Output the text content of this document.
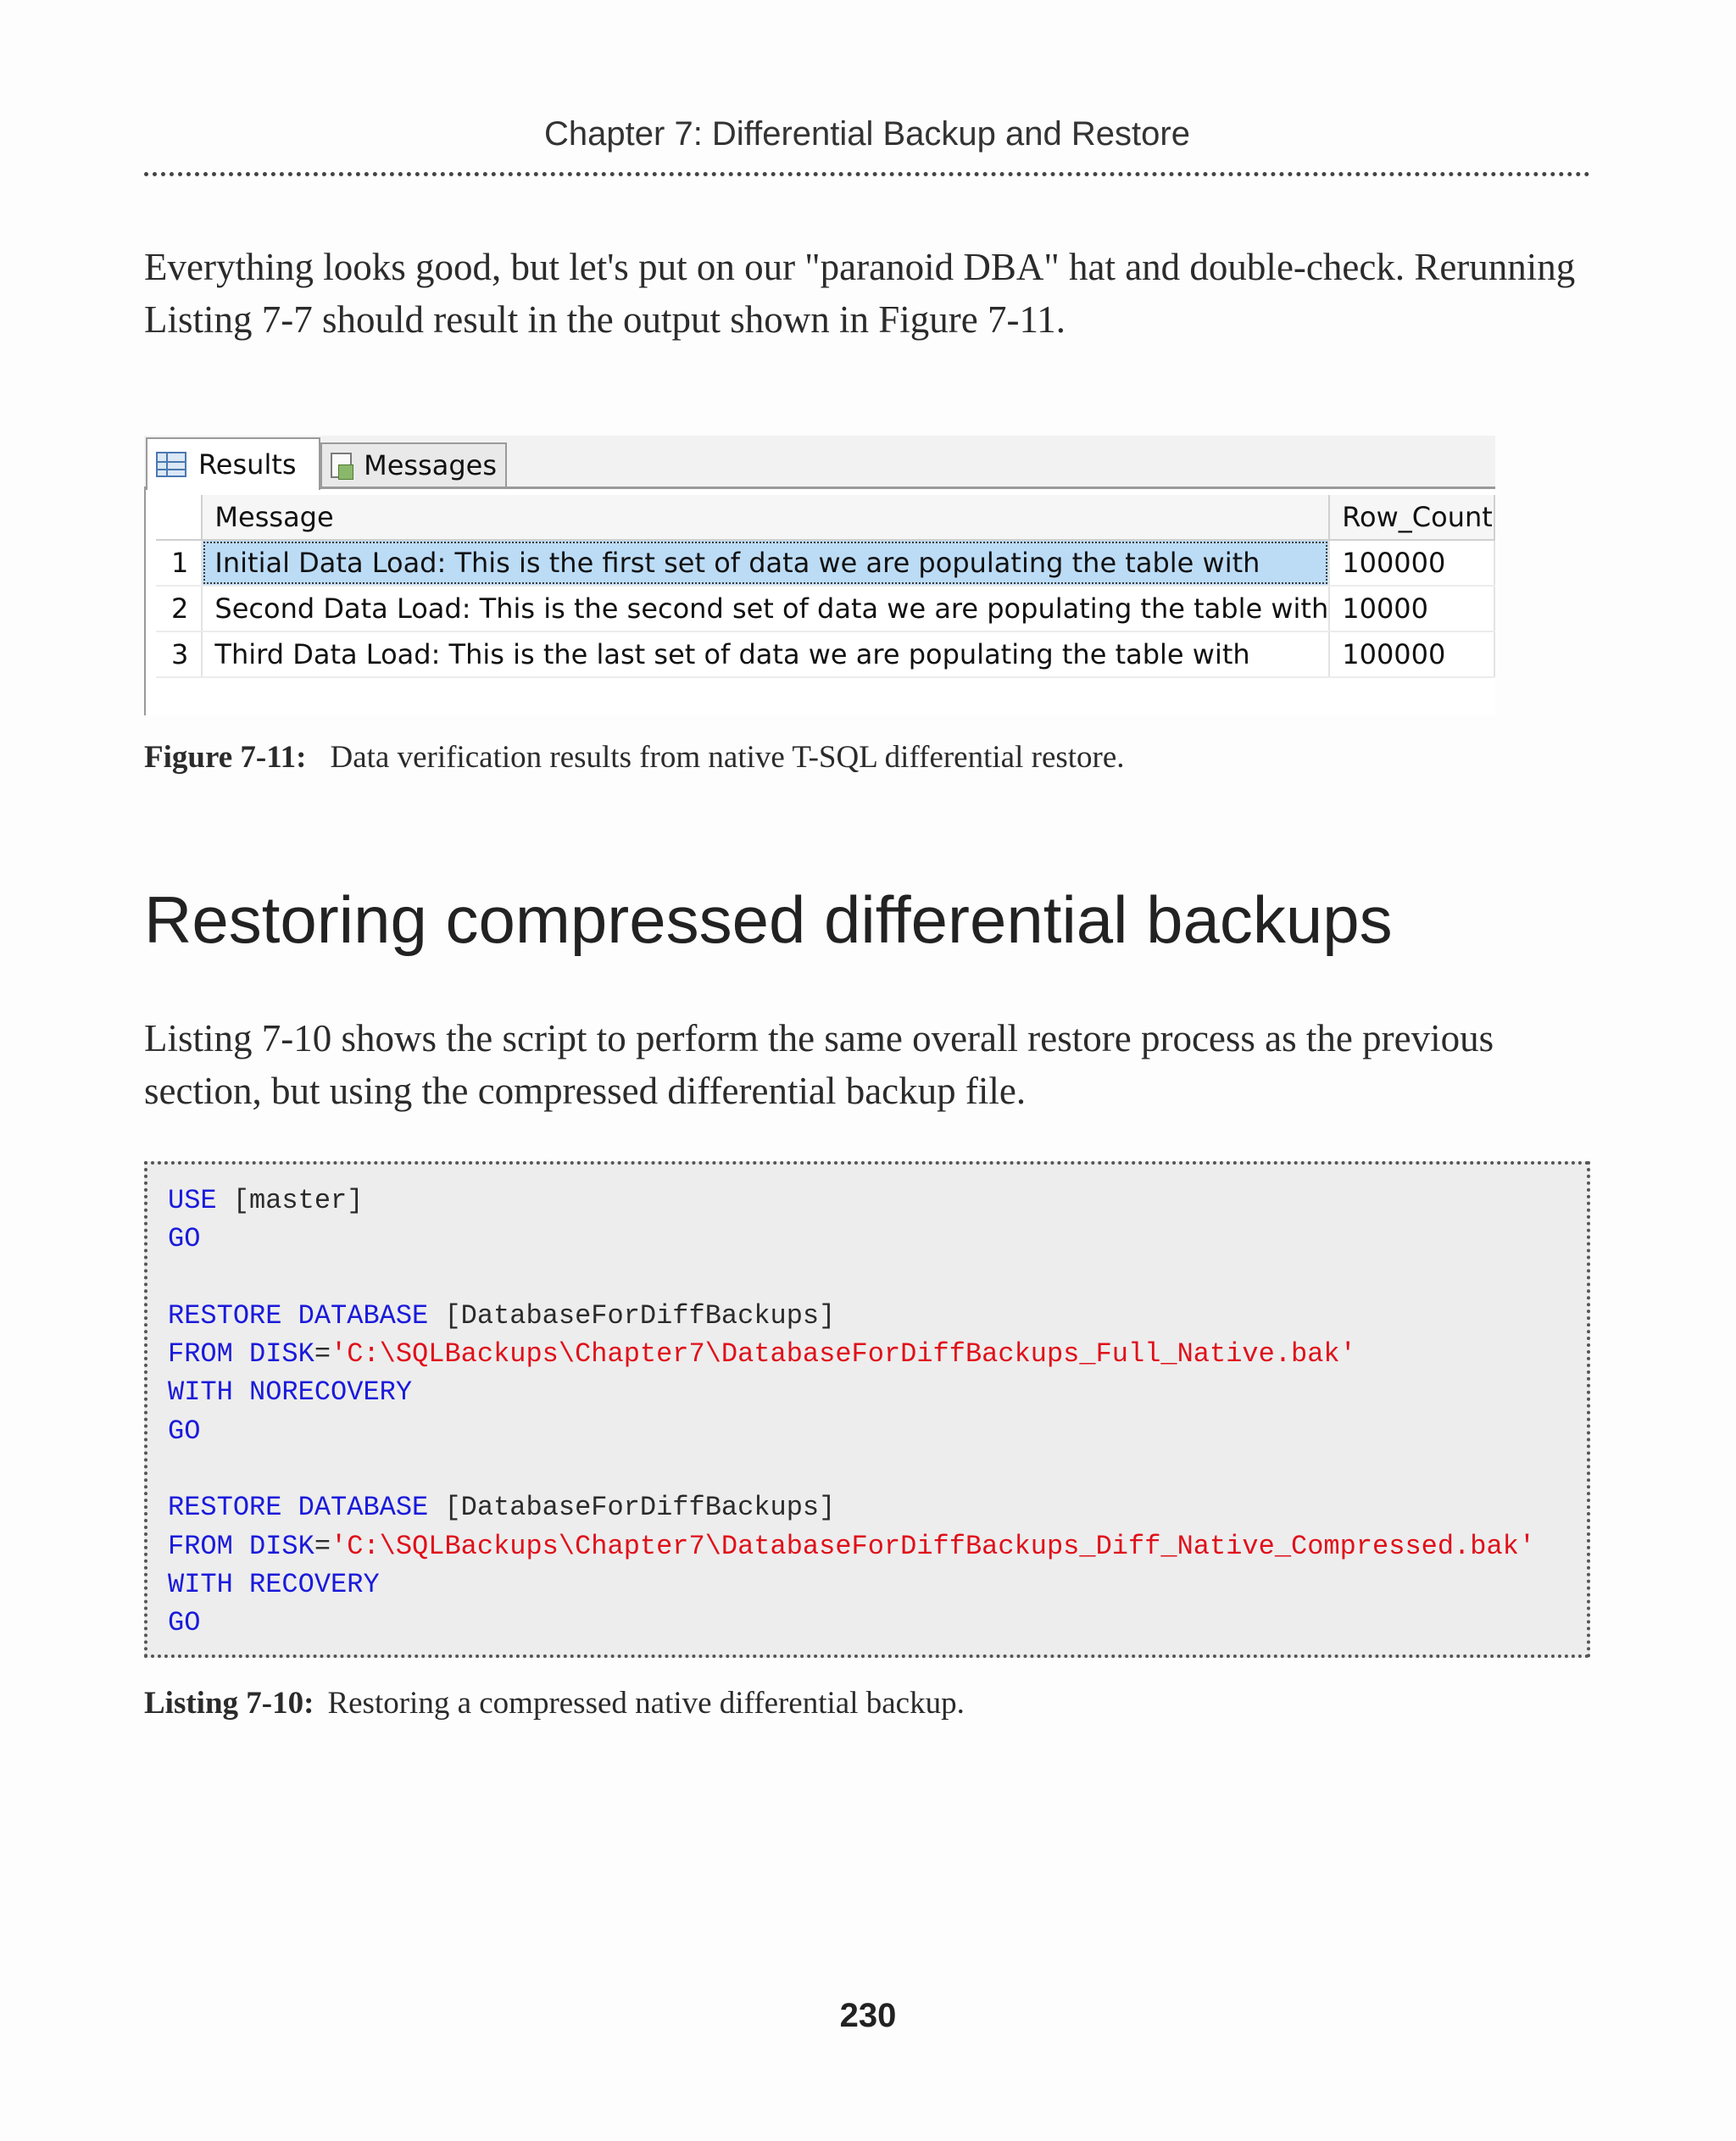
Chapter 7: Differential Backup and Restore

Everything looks good, but let's put on our "paranoid DBA" hat and double-check. Rerunning Listing 7-7 should result in the output shown in Figure 7-11.

Results Messages
	Message	Row_Count
1	Initial Data Load: This is the first set of data we are populating the table with	100000
2	Second Data Load: This is the second set of data we are populating the table with	10000
3	Third Data Load: This is the last set of data we are populating the table with	100000

Figure 7-11: Data verification results from native T-SQL differential restore.

Restoring compressed differential backups

Listing 7-10 shows the script to perform the same overall restore process as the previous section, but using the compressed differential backup file.

USE [master]
GO
RESTORE DATABASE [DatabaseForDiffBackups]
FROM DISK='C:\SQLBackups\Chapter7\DatabaseForDiffBackups_Full_Native.bak'
WITH NORECOVERY
GO
RESTORE DATABASE [DatabaseForDiffBackups]
FROM DISK='C:\SQLBackups\Chapter7\DatabaseForDiffBackups_Diff_Native_Compressed.bak'
WITH RECOVERY
GO

Listing 7-10: Restoring a compressed native differential backup.

230
